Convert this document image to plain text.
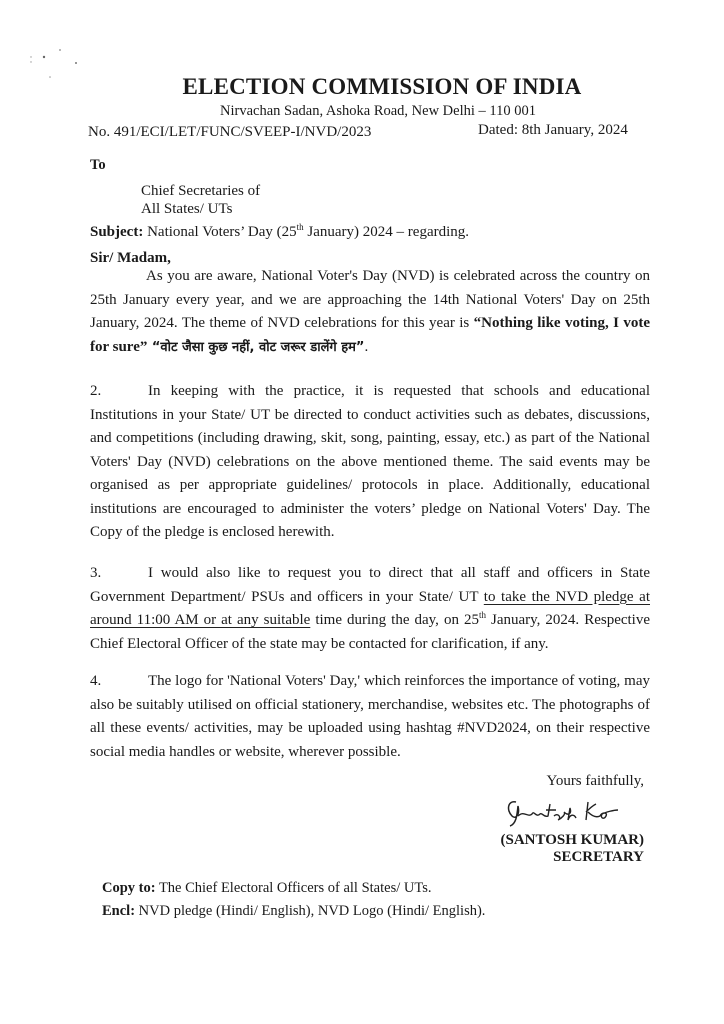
ELECTION COMMISSION OF INDIA
Nirvachan Sadan, Ashoka Road, New Delhi – 110 001
No. 491/ECI/LET/FUNC/SVEEP-I/NVD/2023	Dated: 8th January, 2024
To
Chief Secretaries of
All States/ UTs
Subject: National Voters’ Day (25th January) 2024 – regarding.
Sir/ Madam,
As you are aware, National Voter's Day (NVD) is celebrated across the country on 25th January every year, and we are approaching the 14th National Voters' Day on 25th January, 2024. The theme of NVD celebrations for this year is “Nothing like voting, I vote for sure” “वोट जैसा कुछ नहीं, वोट जरूर डालेंगे हम”.
2.	In keeping with the practice, it is requested that schools and educational Institutions in your State/ UT be directed to conduct activities such as debates, discussions, and competitions (including drawing, skit, song, painting, essay, etc.) as part of the National Voters' Day (NVD) celebrations on the above mentioned theme. The said events may be organised as per appropriate guidelines/ protocols in place. Additionally, educational institutions are encouraged to administer the voters’ pledge on National Voters' Day. The Copy of the pledge is enclosed herewith.
3.	I would also like to request you to direct that all staff and officers in State Government Department/ PSUs and officers in your State/ UT to take the NVD pledge at around 11:00 AM or at any suitable time during the day, on 25th January, 2024. Respective Chief Electoral Officer of the state may be contacted for clarification, if any.
4.	The logo for 'National Voters' Day,' which reinforces the importance of voting, may also be suitably utilised on official stationery, merchandise, websites etc. The photographs of all these events/ activities, may be uploaded using hashtag #NVD2024, on their respective social media handles or website, wherever possible.
Yours faithfully,
(SANTOSH KUMAR)
SECRETARY
Copy to: The Chief Electoral Officers of all States/ UTs.
Encl: NVD pledge (Hindi/ English), NVD Logo (Hindi/ English).
